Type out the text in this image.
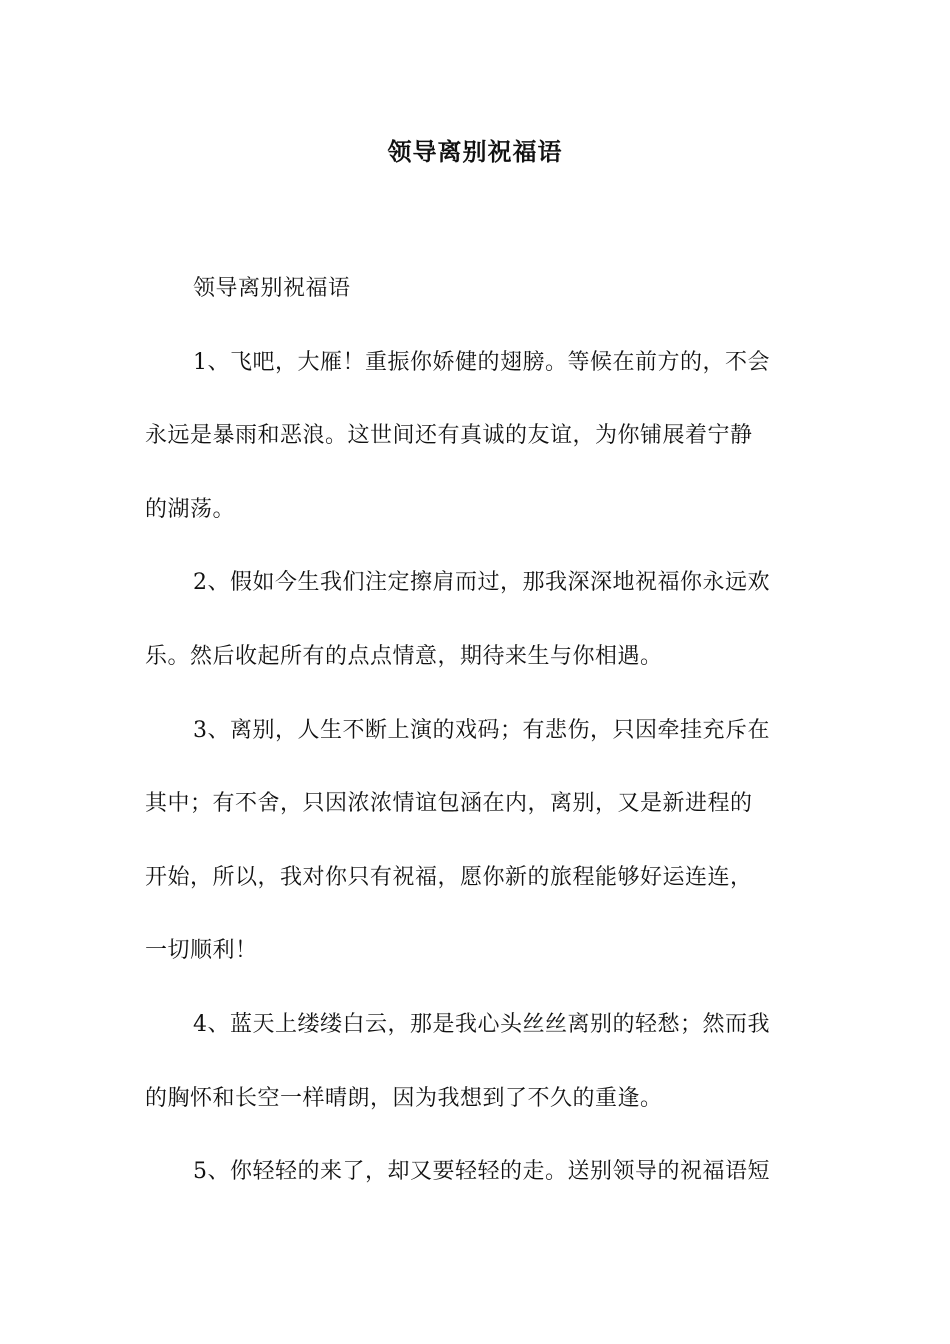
领导离别祝福语
领导离别祝福语
1、飞吧，大雁！重振你娇健的翅膀。等候在前方的，不会
永远是暴雨和恶浪。这世间还有真诚的友谊，为你铺展着宁静
的湖荡。
2、假如今生我们注定擦肩而过，那我深深地祝福你永远欢
乐。然后收起所有的点点情意，期待来生与你相遇。
3、离别，人生不断上演的戏码；有悲伤，只因牵挂充斥在
其中；有不舍，只因浓浓情谊包涵在内，离别，又是新进程的
开始，所以，我对你只有祝福，愿你新的旅程能够好运连连，
一切顺利！
4、蓝天上缕缕白云，那是我心头丝丝离别的轻愁；然而我
的胸怀和长空一样晴朗，因为我想到了不久的重逢。
5、你轻轻的来了，却又要轻轻的走。送别领导的祝福语短
